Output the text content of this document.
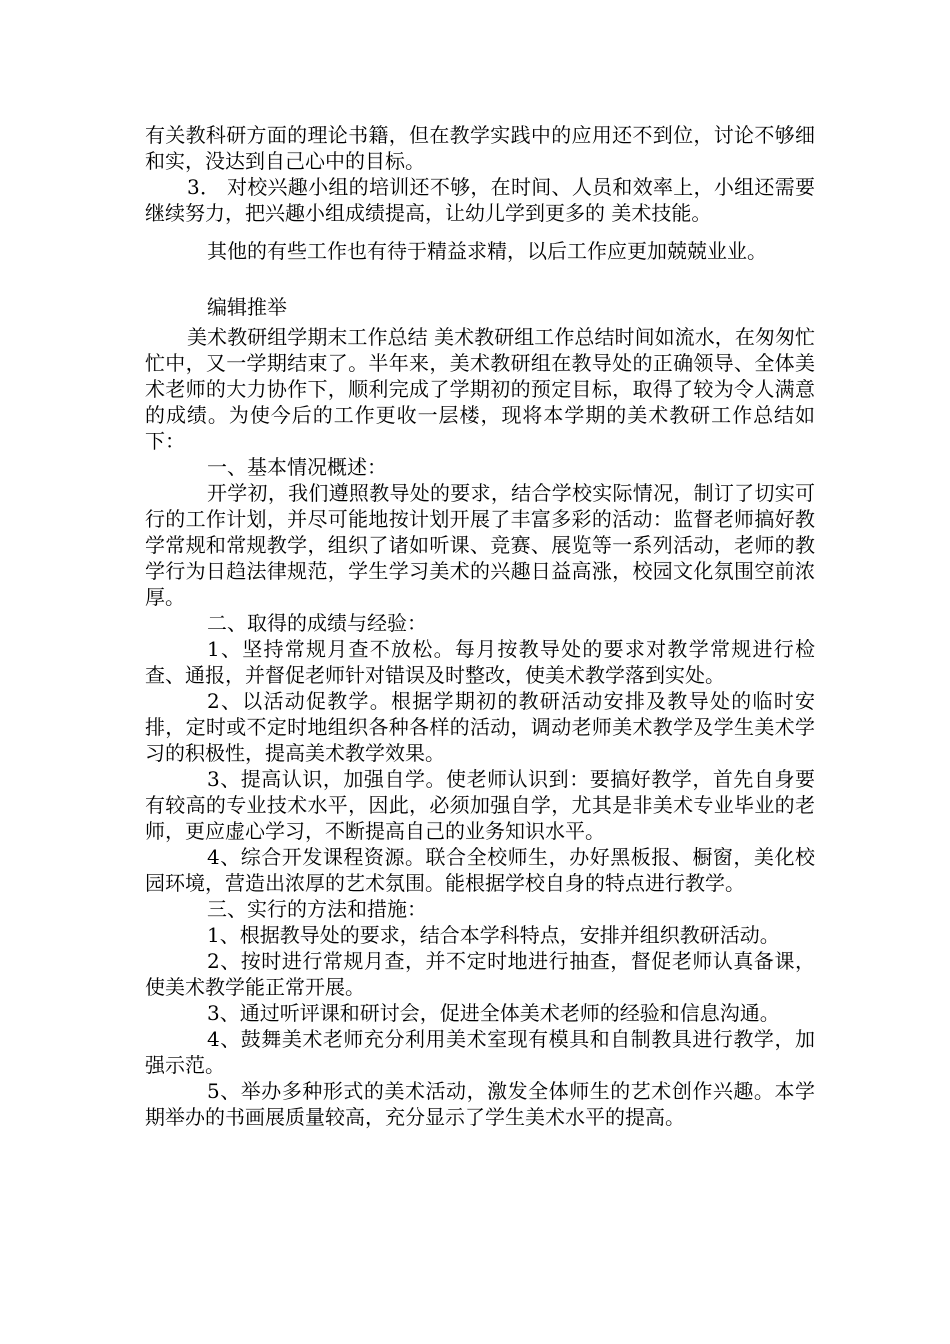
有关教科研方面的理论书籍，但在教学实践中的应用还不到位，讨论不够细和实，没达到自己心中的目标。

3． 对校兴趣小组的培训还不够，在时间、人员和效率上，小组还需要继续努力，把兴趣小组成绩提高，让幼儿学到更多的 美术技能。

其他的有些工作也有待于精益求精，以后工作应更加兢兢业业。

编辑推举

美术教研组学期末工作总结 美术教研组工作总结时间如流水，在匆匆忙忙中，又一学期结束了。半年来，美术教研组在教导处的正确领导、全体美术老师的大力协作下，顺利完成了学期初的预定目标，取得了较为令人满意的成绩。为使今后的工作更收一层楼，现将本学期的美术教研工作总结如下：

一、基本情况概述：

开学初，我们遵照教导处的要求，结合学校实际情况，制订了切实可行的工作计划，并尽可能地按计划开展了丰富多彩的活动：监督老师搞好教学常规和常规教学，组织了诸如听课、竞赛、展览等一系列活动，老师的教学行为日趋法律规范，学生学习美术的兴趣日益高涨，校园文化氛围空前浓厚。

二、取得的成绩与经验：

1、坚持常规月查不放松。每月按教导处的要求对教学常规进行检查、通报，并督促老师针对错误及时整改，使美术教学落到实处。

2、以活动促教学。根据学期初的教研活动安排及教导处的临时安排，定时或不定时地组织各种各样的活动，调动老师美术教学及学生美术学习的积极性，提高美术教学效果。

3、提高认识，加强自学。使老师认识到：要搞好教学，首先自身要有较高的专业技术水平，因此，必须加强自学，尤其是非美术专业毕业的老师，更应虚心学习，不断提高自己的业务知识水平。

4、综合开发课程资源。联合全校师生，办好黑板报、橱窗，美化校园环境，营造出浓厚的艺术氛围。能根据学校自身的特点进行教学。

三、实行的方法和措施：

1、根据教导处的要求，结合本学科特点，安排并组织教研活动。

2、按时进行常规月查，并不定时地进行抽查，督促老师认真备课，使美术教学能正常开展。

3、通过听评课和研讨会，促进全体美术老师的经验和信息沟通。

4、鼓舞美术老师充分利用美术室现有模具和自制教具进行教学，加强示范。

5、举办多种形式的美术活动，激发全体师生的艺术创作兴趣。本学期举办的书画展质量较高，充分显示了学生美术水平的提高。
